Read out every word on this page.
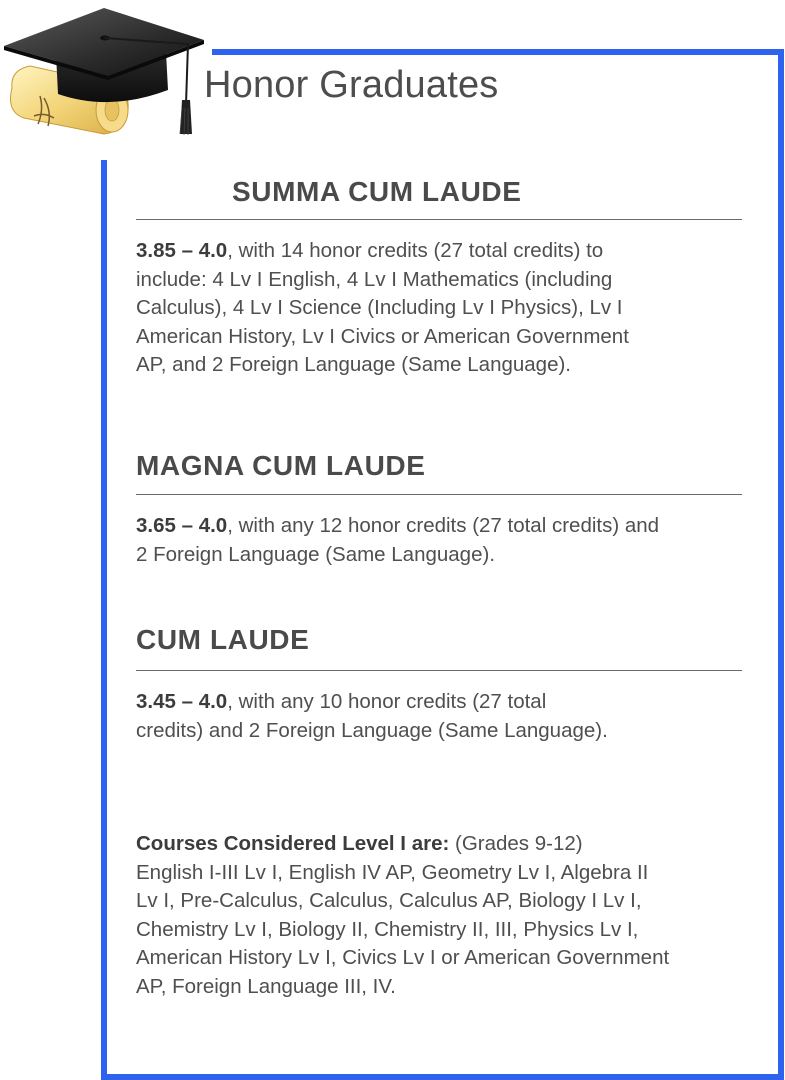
Honor Graduates
SUMMA CUM LAUDE

3.85 – 4.0, with 14 honor credits (27 total credits) to
include: 4 Lv I English, 4 Lv I Mathematics (including
Calculus), 4 Lv I Science (Including Lv I Physics), Lv I
American History, Lv I Civics or American Government
AP, and 2 Foreign Language (Same Language).

MAGNA CUM LAUDE

3.65 – 4.0, with any 12 honor credits (27 total credits) and
2 Foreign Language (Same Language).

CUM LAUDE

3.45 – 4.0, with any 10 honor credits (27 total
credits) and 2 Foreign Language (Same Language).

Courses Considered Level I are: (Grades 9-12)
English I-III Lv I, English IV AP, Geometry Lv I, Algebra II
Lv I, Pre-Calculus, Calculus, Calculus AP, Biology I Lv I,
Chemistry Lv I, Biology II, Chemistry II, III, Physics Lv I,
American History Lv I, Civics Lv I or American Government
AP, Foreign Language III, IV.
